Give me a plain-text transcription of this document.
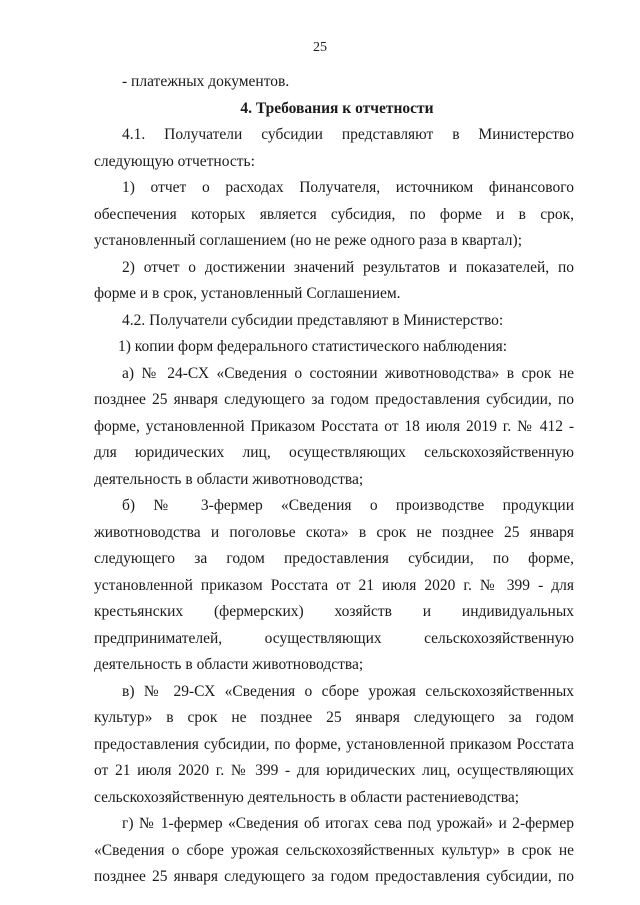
25

- платежных документов.

4. Требования к отчетности

4.1. Получатели субсидии представляют в Министерство следующую отчетность:

1) отчет о расходах Получателя, источником финансового обеспечения которых является субсидия, по форме и в срок, установленный соглашением (но не реже одного раза в квартал);

2) отчет о достижении значений результатов и показателей, по форме и в срок, установленный Соглашением.

4.2. Получатели субсидии представляют в Министерство:

1) копии форм федерального статистического наблюдения:

а) № 24-СХ «Сведения о состоянии животноводства» в срок не позднее 25 января следующего за годом предоставления субсидии, по форме, установленной Приказом Росстата от 18 июля 2019 г. № 412 - для юридических лиц, осуществляющих сельскохозяйственную деятельность в области животноводства;

б) № 3-фермер «Сведения о производстве продукции животноводства и поголовье скота» в срок не позднее 25 января следующего за годом предоставления субсидии, по форме, установленной приказом Росстата от 21 июля 2020 г. № 399 - для крестьянских (фермерских) хозяйств и индивидуальных предпринимателей, осуществляющих сельскохозяйственную деятельность в области животноводства;

в) № 29-СХ «Сведения о сборе урожая сельскохозяйственных культур» в срок не позднее 25 января следующего за годом предоставления субсидии, по форме, установленной приказом Росстата от 21 июля 2020 г. № 399 - для юридических лиц, осуществляющих сельскохозяйственную деятельность в области растениеводства;

г) № 1-фермер «Сведения об итогах сева под урожай» и 2-фермер «Сведения о сборе урожая сельскохозяйственных культур» в срок не позднее 25 января следующего за годом предоставления субсидии, по
